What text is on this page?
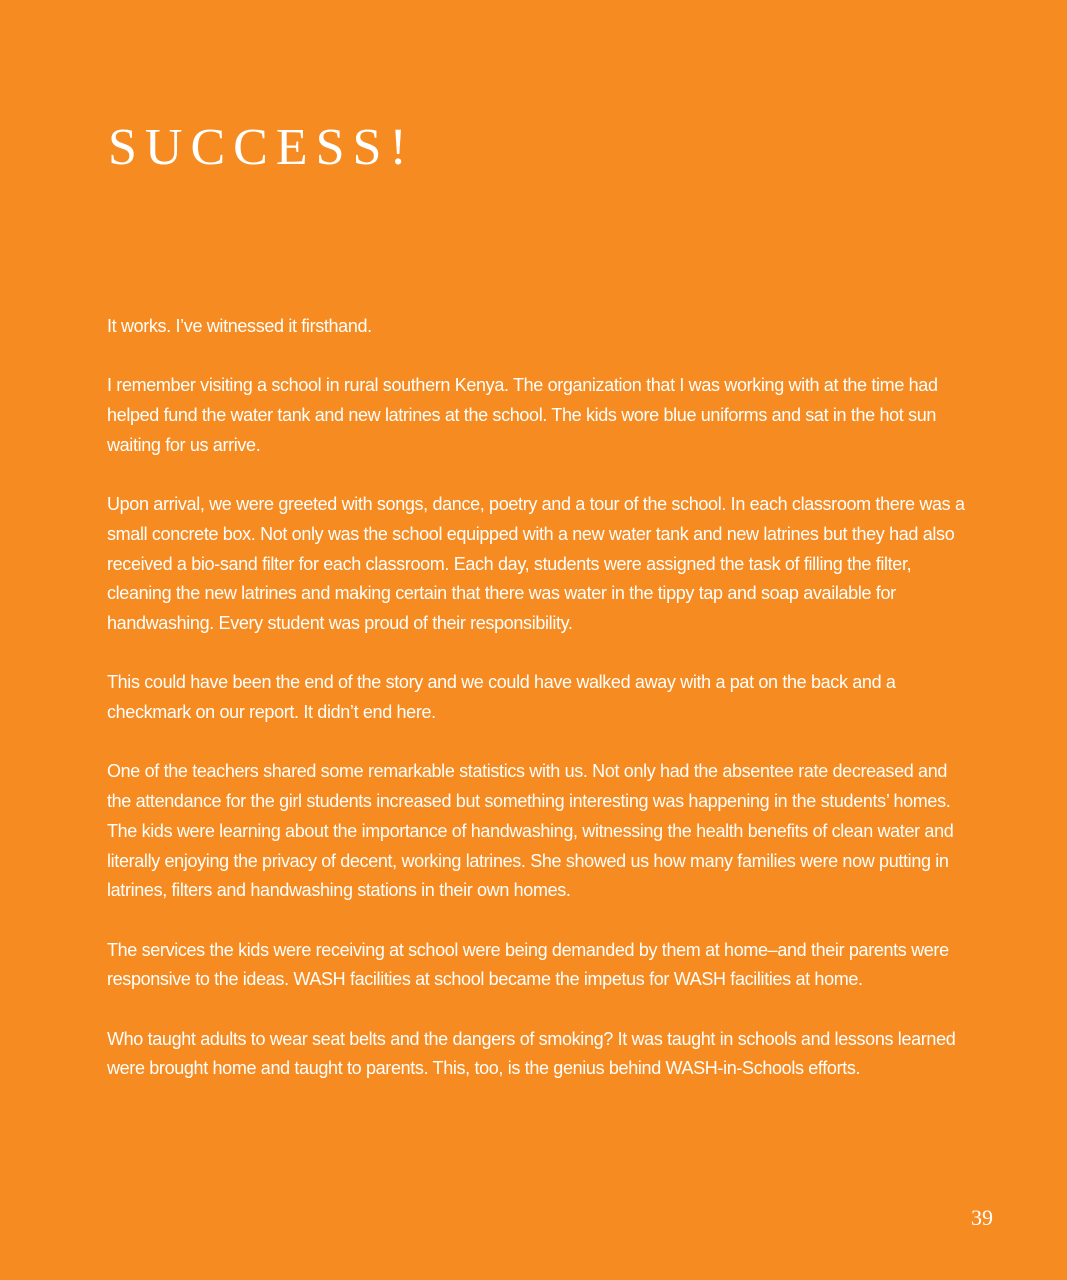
SUCCESS!

It works. I’ve witnessed it firsthand.

I remember visiting a school in rural southern Kenya. The organization that I was working with at the time had helped fund the water tank and new latrines at the school. The kids wore blue uniforms and sat in the hot sun waiting for us arrive.

Upon arrival, we were greeted with songs, dance, poetry and a tour of the school. In each classroom there was a small concrete box. Not only was the school equipped with a new water tank and new latrines but they had also received a bio-sand filter for each classroom. Each day, students were assigned the task of filling the filter, cleaning the new latrines and making certain that there was water in the tippy tap and soap available for handwashing. Every student was proud of their responsibility.

This could have been the end of the story and we could have walked away with a pat on the back and a checkmark on our report. It didn’t end here.

One of the teachers shared some remarkable statistics with us. Not only had the absentee rate decreased and the attendance for the girl students increased but something interesting was happening in the students’ homes. The kids were learning about the importance of handwashing, witnessing the health benefits of clean water and literally enjoying the privacy of decent, working latrines. She showed us how many families were now putting in latrines, filters and handwashing stations in their own homes.

The services the kids were receiving at school were being demanded by them at home–and their parents were responsive to the ideas. WASH facilities at school became the impetus for WASH facilities at home.

Who taught adults to wear seat belts and the dangers of smoking? It was taught in schools and lessons learned were brought home and taught to parents. This, too, is the genius behind WASH-in-Schools efforts.

39
